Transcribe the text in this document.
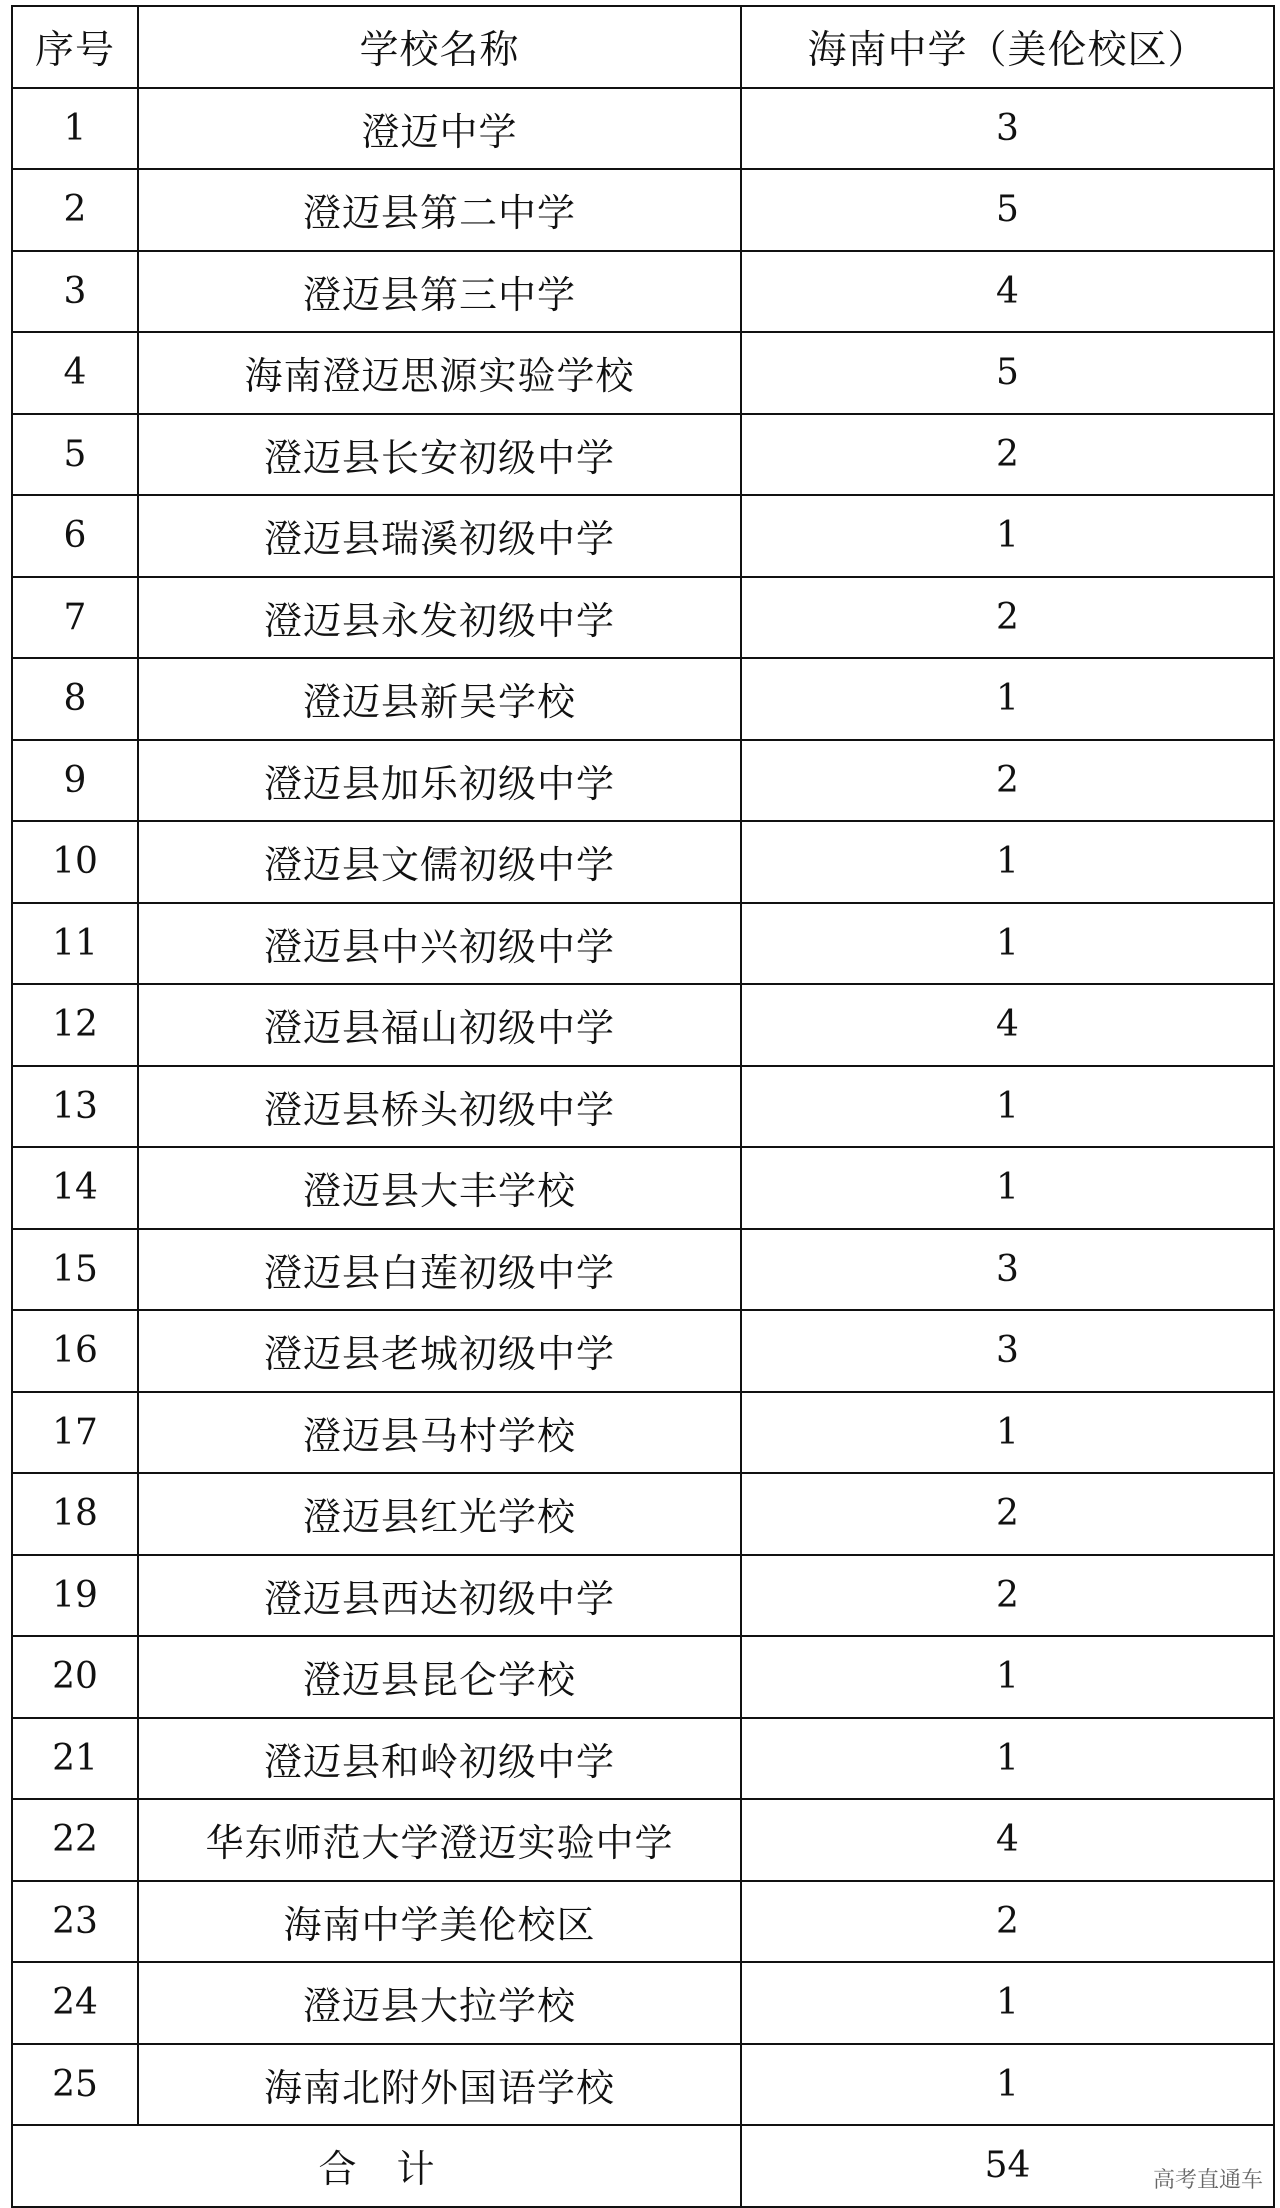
序号	学校名称	海南中学（美伦校区）
1	澄迈中学	3
2	澄迈县第二中学	5
3	澄迈县第三中学	4
4	海南澄迈思源实验学校	5
5	澄迈县长安初级中学	2
6	澄迈县瑞溪初级中学	1
7	澄迈县永发初级中学	2
8	澄迈县新吴学校	1
9	澄迈县加乐初级中学	2
10	澄迈县文儒初级中学	1
11	澄迈县中兴初级中学	1
12	澄迈县福山初级中学	4
13	澄迈县桥头初级中学	1
14	澄迈县大丰学校	1
15	澄迈县白莲初级中学	3
16	澄迈县老城初级中学	3
17	澄迈县马村学校	1
18	澄迈县红光学校	2
19	澄迈县西达初级中学	2
20	澄迈县昆仑学校	1
21	澄迈县和岭初级中学	1
22	华东师范大学澄迈实验中学	4
23	海南中学美伦校区	2
24	澄迈县大拉学校	1
25	海南北附外国语学校	1
合计		54 高考直通车
